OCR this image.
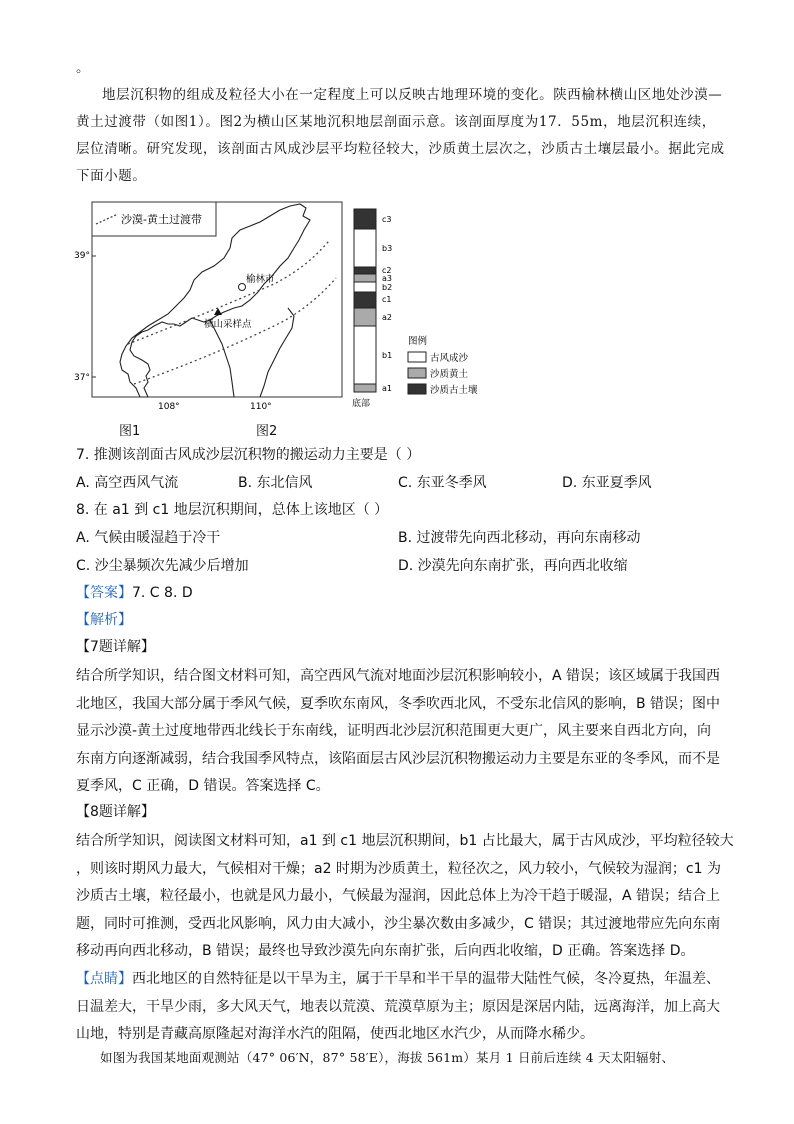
。
地层沉积物的组成及粒径大小在一定程度上可以反映古地理环境的变化。陕西榆林横山区地处沙漠—
黄土过渡带（如图1）。图2为横山区某地沉积地层剖面示意。该剖面厚度为17．55m，地层沉积连续，
层位清晰。研究发现，该剖面古风成沙层平均粒径较大，沙质黄土层次之，沙质古土壤层最小。据此完成
下面小题。
沙漠-黄土过渡带
39°
37°
108°	110°
榆林市
横山采样点
图1
c3
b3
c2
a3
b2
c1
a2
b1
a1
底部
图例
古风成沙
沙质黄土
沙质古土壤
图2
7. 推测该剖面古风成沙层沉积物的搬运动力主要是（ ）
A. 高空西风气流	B. 东北信风	C. 东亚冬季风	D. 东亚夏季风
8. 在 a1 到 c1 地层沉积期间，总体上该地区（ ）
A. 气候由暖湿趋于冷干	B. 过渡带先向西北移动，再向东南移动
C. 沙尘暴频次先减少后增加	D. 沙漠先向东南扩张，再向西北收缩
【答案】7. C 8. D
【解析】
【7题详解】
结合所学知识，结合图文材料可知，高空西风气流对地面沙层沉积影响较小，A 错误；该区域属于我国西
北地区，我国大部分属于季风气候，夏季吹东南风，冬季吹西北风，不受东北信风的影响，B 错误；图中
显示沙漠-黄土过度地带西北线长于东南线，证明西北沙层沉积范围更大更广，风主要来自西北方向，向
东南方向逐渐减弱，结合我国季风特点，该陷面层古风沙层沉积物搬运动力主要是东亚的冬季风，而不是
夏季风，C 正确，D 错误。答案选择 C。
【8题详解】
结合所学知识，阅读图文材料可知，a1 到 c1 地层沉积期间，b1 占比最大，属于古风成沙，平均粒径较大
，则该时期风力最大，气候相对干燥；a2 时期为沙质黄土，粒径次之，风力较小，气候较为湿润；c1 为
沙质古土壤，粒径最小，也就是风力最小，气候最为湿润，因此总体上为冷干趋于暖湿，A 错误；结合上
题，同时可推测，受西北风影响，风力由大减小，沙尘暴次数由多减少，C 错误；其过渡地带应先向东南
移动再向西北移动，B 错误；最终也导致沙漠先向东南扩张，后向西北收缩，D 正确。答案选择 D。
【点睛】西北地区的自然特征是以干旱为主，属于干旱和半干旱的温带大陆性气候，冬冷夏热，年温差、
日温差大，干旱少雨，多大风天气，地表以荒漠、荒漠草原为主；原因是深居内陆，远离海洋，加上高大
山地，特别是青藏高原隆起对海洋水汽的阻隔，使西北地区水汽少，从而降水稀少。
如图为我国某地面观测站（47° 06′N，87° 58′E），海拔 561m）某月 1 日前后连续 4 天太阳辐射、
